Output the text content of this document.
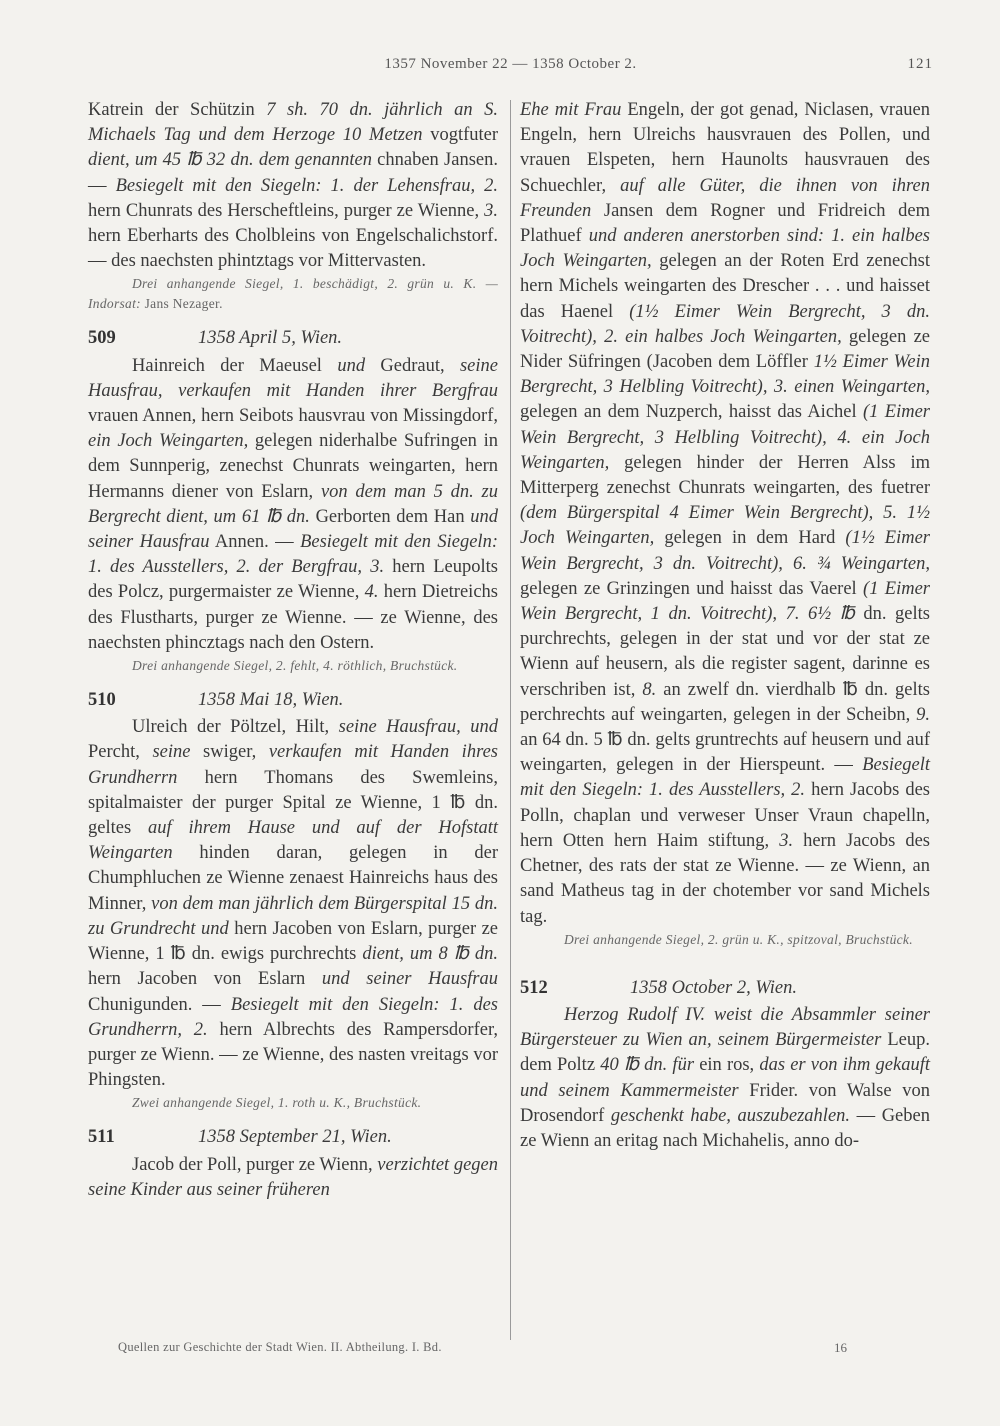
1357 November 22 — 1358 October 2.	121

Katrein der Schützin 7 sh. 70 dn. jährlich an S. Michaels Tag und dem Herzoge 10 Metzen vogtfuter dient, um 45 ℔ 32 dn. dem genannten chnaben Jansen. — Besiegelt mit den Siegeln: 1. der Lehensfrau, 2. hern Chunrats des Herscheftleins, purger ze Wienne, 3. hern Eberharts des Cholbleins von Engelschalichstorf. — des naechsten phintztags vor Mittervasten.

Drei anhangende Siegel, 1. beschädigt, 2. grün u. K. — Indorsat: Jans Nezager.

509	1358 April 5, Wien.

Hainreich der Maeusel und Gedraut, seine Hausfrau, verkaufen mit Handen ihrer Bergfrau vrauen Annen, hern Seibots hausvrau von Missingdorf, ein Joch Weingarten, gelegen niderhalbe Sufringen in dem Sunnperig, zenechst Chunrats weingarten, hern Hermanns diener von Eslarn, von dem man 5 dn. zu Bergrecht dient, um 61 ℔ dn. Gerborten dem Han und seiner Hausfrau Annen. — Besiegelt mit den Siegeln: 1. des Ausstellers, 2. der Bergfrau, 3. hern Leupolts des Polcz, purgermaister ze Wienne, 4. hern Dietreichs des Flustharts, purger ze Wienne. — ze Wienne, des naechsten phincztags nach den Ostern.

Drei anhangende Siegel, 2. fehlt, 4. röthlich, Bruchstück.

510	1358 Mai 18, Wien.

Ulreich der Pöltzel, Hilt, seine Hausfrau, und Percht, seine swiger, verkaufen mit Handen ihres Grundherrn hern Thomans des Swemleins, spitalmaister der purger Spital ze Wienne, 1 ℔ dn. geltes auf ihrem Hause und auf der Hofstatt Weingarten hinden daran, gelegen in der Chumphluchen ze Wienne zenaest Hainreichs haus des Minner, von dem man jährlich dem Bürgerspital 15 dn. zu Grundrecht und hern Jacoben von Eslarn, purger ze Wienne, 1 ℔ dn. ewigs purchrechts dient, um 8 ℔ dn. hern Jacoben von Eslarn und seiner Hausfrau Chunigunden. — Besiegelt mit den Siegeln: 1. des Grundherrn, 2. hern Albrechts des Rampersdorfer, purger ze Wienn. — ze Wienne, des nasten vreitags vor Phingsten.

Zwei anhangende Siegel, 1. roth u. K., Bruchstück.

511	1358 September 21, Wien.

Jacob der Poll, purger ze Wienn, verzichtet gegen seine Kinder aus seiner früheren

Ehe mit Frau Engeln, der got genad, Niclasen, vrauen Engeln, hern Ulreichs hausvrauen des Pollen, und vrauen Elspeten, hern Haunolts hausvrauen des Schuechler, auf alle Güter, die ihnen von ihren Freunden Jansen dem Rogner und Fridreich dem Plathuef und anderen anerstorben sind: 1. ein halbes Joch Weingarten, gelegen an der Roten Erd zenechst hern Michels weingarten des Drescher . . . und haisset das Haenel (1½ Eimer Wein Bergrecht, 3 dn. Voitrecht), 2. ein halbes Joch Weingarten, gelegen ze Nider Süfringen (Jacoben dem Löffler 1½ Eimer Wein Bergrecht, 3 Helbling Voitrecht), 3. einen Weingarten, gelegen an dem Nuzperch, haisst das Aichel (1 Eimer Wein Bergrecht, 3 Helbling Voitrecht), 4. ein Joch Weingarten, gelegen hinder der Herren Alss im Mitterperg zenechst Chunrats weingarten, des fuetrer (dem Bürgerspital 4 Eimer Wein Bergrecht), 5. 1½ Joch Weingarten, gelegen in dem Hard (1½ Eimer Wein Bergrecht, 3 dn. Voitrecht), 6. ¾ Weingarten, gelegen ze Grinzingen und haisst das Vaerel (1 Eimer Wein Bergrecht, 1 dn. Voitrecht), 7. 6½ ℔ dn. gelts purchrechts, gelegen in der stat und vor der stat ze Wienn auf heusern, als die register sagent, darinne es verschriben ist, 8. an zwelf dn. vierdhalb ℔ dn. gelts perchrechts auf weingarten, gelegen in der Scheibn, 9. an 64 dn. 5 ℔ dn. gelts gruntrechts auf heusern und auf weingarten, gelegen in der Hierspeunt. — Besiegelt mit den Siegeln: 1. des Ausstellers, 2. hern Jacobs des Polln, chaplan und verweser Unser Vraun chapelln, hern Otten hern Haim stiftung, 3. hern Jacobs des Chetner, des rats der stat ze Wienne. — ze Wienn, an sand Matheus tag in der chotember vor sand Michels tag.

Drei anhangende Siegel, 2. grün u. K., spitzoval, Bruchstück.

512	1358 October 2, Wien.

Herzog Rudolf IV. weist die Absammler seiner Bürgersteuer zu Wien an, seinem Bürgermeister Leup. dem Poltz 40 ℔ dn. für ein ros, das er von ihm gekauft und seinem Kammermeister Frider. von Walse von Drosendorf geschenkt habe, auszubezahlen. — Geben ze Wienn an eritag nach Michahelis, anno do-

Quellen zur Geschichte der Stadt Wien. II. Abtheilung. I. Bd.	16
